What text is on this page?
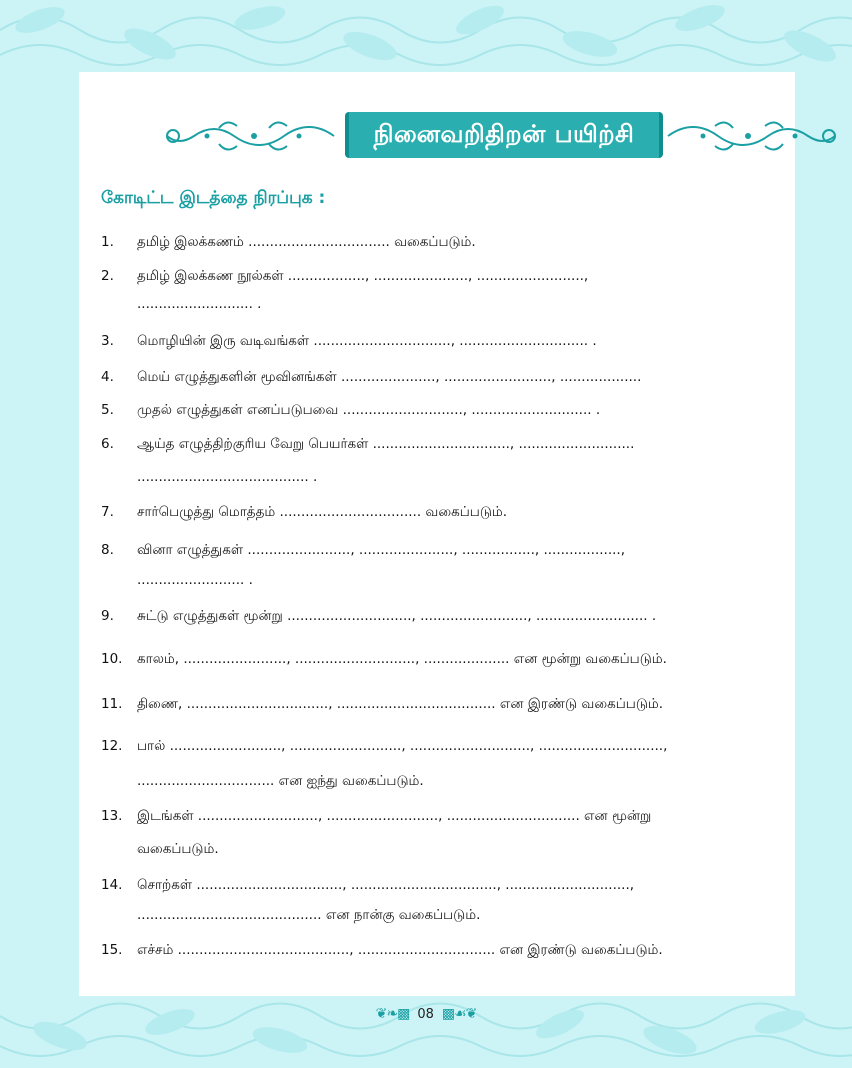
நினைவறிதிறன் பயிற்சி
கோடிட்ட இடத்தை நிரப்புக :
1. தமிழ் இலக்கணம் ................................. வகைப்படும்.
2. தமிழ் இலக்கண நூல்கள் .................., ......................, .........................,
........................... .
3. மொழியின் இரு வடிவங்கள் ................................, .............................. .
4. மெய் எழுத்துகளின் மூவினங்கள் ......................, ........................., ...................
5. முதல் எழுத்துகள் எனப்படுபவை ............................, ............................ .
6. ஆய்த எழுத்திற்குரிய வேறு பெயர்கள் ................................, ...........................
........................................ .
7. சார்பெழுத்து மொத்தம் ................................. வகைப்படும்.
8. வினா எழுத்துகள் ........................, ......................, ................., ..................,
......................... .
9. சுட்டு எழுத்துகள் மூன்று ............................., ........................., .......................... .
10. காலம், ........................, ............................, .................... என மூன்று வகைப்படும்.
11. திணை, ................................., ..................................... என இரண்டு வகைப்படும்.
12. பால் .........................., .........................., ............................, .............................,
................................ என ஐந்து வகைப்படும்.
13. இடங்கள் ............................, .........................., ............................... என மூன்று
வகைப்படும்.
14. சொற்கள் .................................., .................................., .............................,
........................................... என நான்கு வகைப்படும்.
15. எச்சம் ........................................, ................................ என இரண்டு வகைப்படும்.
❦❧▩ 08 ▩☙❦
